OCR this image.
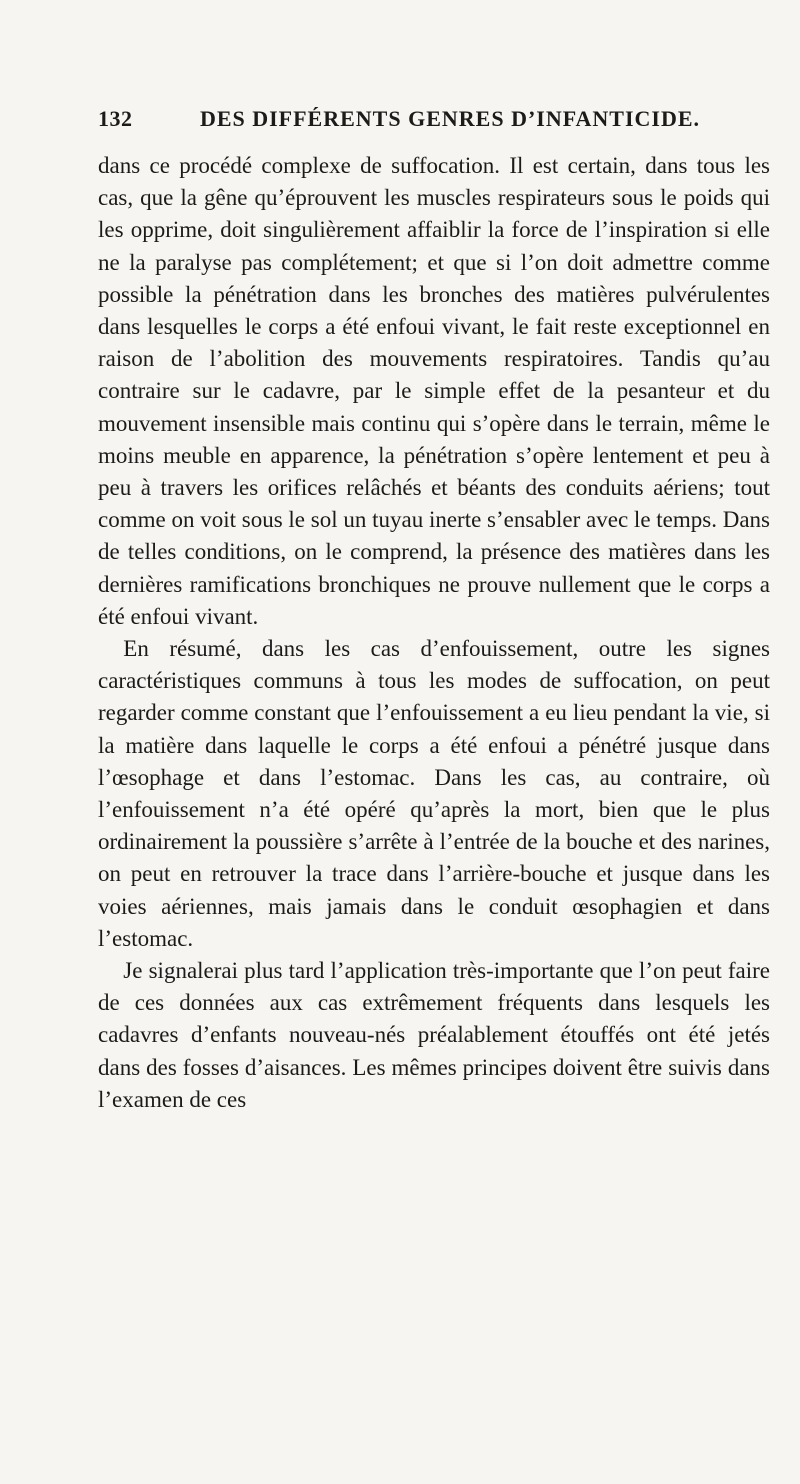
132	DES DIFFÉRENTS GENRES D’INFANTICIDE.

dans ce procédé complexe de suffocation. Il est certain, dans tous les cas, que la gêne qu’éprouvent les muscles respirateurs sous le poids qui les opprime, doit singulièrement affaiblir la force de l’inspiration si elle ne la paralyse pas complétement; et que si l’on doit admettre comme possible la pénétration dans les bronches des matières pulvérulentes dans lesquelles le corps a été enfoui vivant, le fait reste exceptionnel en raison de l’abolition des mouvements respiratoires. Tandis qu’au contraire sur le cadavre, par le simple effet de la pesanteur et du mouvement insensible mais continu qui s’opère dans le terrain, même le moins meuble en apparence, la pénétration s’opère lentement et peu à peu à travers les orifices relâchés et béants des conduits aériens; tout comme on voit sous le sol un tuyau inerte s’ensabler avec le temps. Dans de telles conditions, on le comprend, la présence des matières dans les dernières ramifications bronchiques ne prouve nullement que le corps a été enfoui vivant.

En résumé, dans les cas d’enfouissement, outre les signes caractéristiques communs à tous les modes de suffocation, on peut regarder comme constant que l’enfouissement a eu lieu pendant la vie, si la matière dans laquelle le corps a été enfoui a pénétré jusque dans l’œsophage et dans l’estomac. Dans les cas, au contraire, où l’enfouissement n’a été opéré qu’après la mort, bien que le plus ordinairement la poussière s’arrête à l’entrée de la bouche et des narines, on peut en retrouver la trace dans l’arrière-bouche et jusque dans les voies aériennes, mais jamais dans le conduit œsophagien et dans l’estomac.

Je signalerai plus tard l’application très-importante que l’on peut faire de ces données aux cas extrêmement fréquents dans lesquels les cadavres d’enfants nouveau-nés préalablement étouffés ont été jetés dans des fosses d’aisances. Les mêmes principes doivent être suivis dans l’examen de ces
